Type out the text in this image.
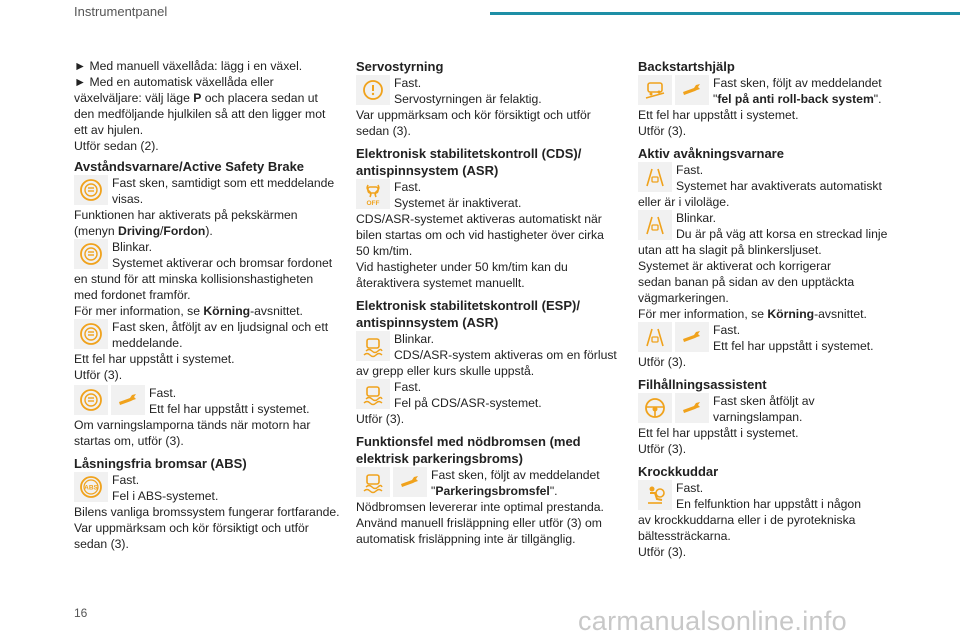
Instrumentpanel

► Med manuell växellåda: lägg i en växel.

► Med en automatisk växellåda eller

växelväljare: välj läge P och placera sedan ut

den medföljande hjulkilen så att den ligger mot

ett av hjulen.

Utför sedan (2).

Avståndsvarnare/Active Safety Brake
Fast sken, samtidigt som ett meddelande
visas.

Funktionen har aktiverats på pekskärmen

(menyn Driving/Fordon).

Blinkar.
Systemet aktiverar och bromsar fordonet

en stund för att minska kollisionshastigheten

med fordonet framför.

För mer information, se Körning-avsnittet.

Fast sken, åtföljt av en ljudsignal och ett
meddelande.

Ett fel har uppstått i systemet.

Utför (3).

Fast.
Ett fel har uppstått i systemet.

Om varningslamporna tänds när motorn har

startas om, utför (3).

Låsningsfria bromsar (ABS)
ABS
Fast.
Fel i ABS-systemet.

Bilens vanliga bromssystem fungerar fortfarande.

Var uppmärksam och kör försiktigt och utför

sedan (3).

Servostyrning
Fast.
Servostyrningen är felaktig.

Var uppmärksam och kör försiktigt och utför

sedan (3).

Elektronisk stabilitetskontroll (CDS)/
antispinnsystem (ASR)
OFF
Fast.
Systemet är inaktiverat.

CDS/ASR-systemet aktiveras automatiskt när

bilen startas om och vid hastigheter över cirka

50 km/tim.

Vid hastigheter under 50 km/tim kan du

återaktivera systemet manuellt.

Elektronisk stabilitetskontroll (ESP)/
antispinnsystem (ASR)
Blinkar.
CDS/ASR-system aktiveras om en förlust

av grepp eller kurs skulle uppstå.

Fast.
Fel på CDS/ASR-systemet.

Utför (3).

Funktionsfel med nödbromsen (med
elektrisk parkeringsbroms)
Fast sken, följt av meddelandet
"Parkeringsbromsfel".

Nödbromsen levererar inte optimal prestanda.

Använd manuell frisläppning eller utför (3) om

automatisk frisläppning inte är tillgänglig.

Backstartshjälp
Fast sken, följt av meddelandet
"fel på anti roll-back system".

Ett fel har uppstått i systemet.

Utför (3).

Aktiv avåkningsvarnare
Fast.
Systemet har avaktiverats automatiskt

eller är i viloläge.

Blinkar.
Du är på väg att korsa en streckad linje

utan att ha slagit på blinkersljuset.

Systemet är aktiverat och korrigerar

sedan banan på sidan av den upptäckta

vägmarkeringen.

För mer information, se Körning-avsnittet.

Fast.
Ett fel har uppstått i systemet.

Utför (3).

Filhållningsassistent
Fast sken åtföljt av
varningslampan.

Ett fel har uppstått i systemet.

Utför (3).

Krockkuddar
Fast.
En felfunktion har uppstått i någon

av krockkuddarna eller i de pyrotekniska

bältessträckarna.

Utför (3).

16	carmanualsonline.info
